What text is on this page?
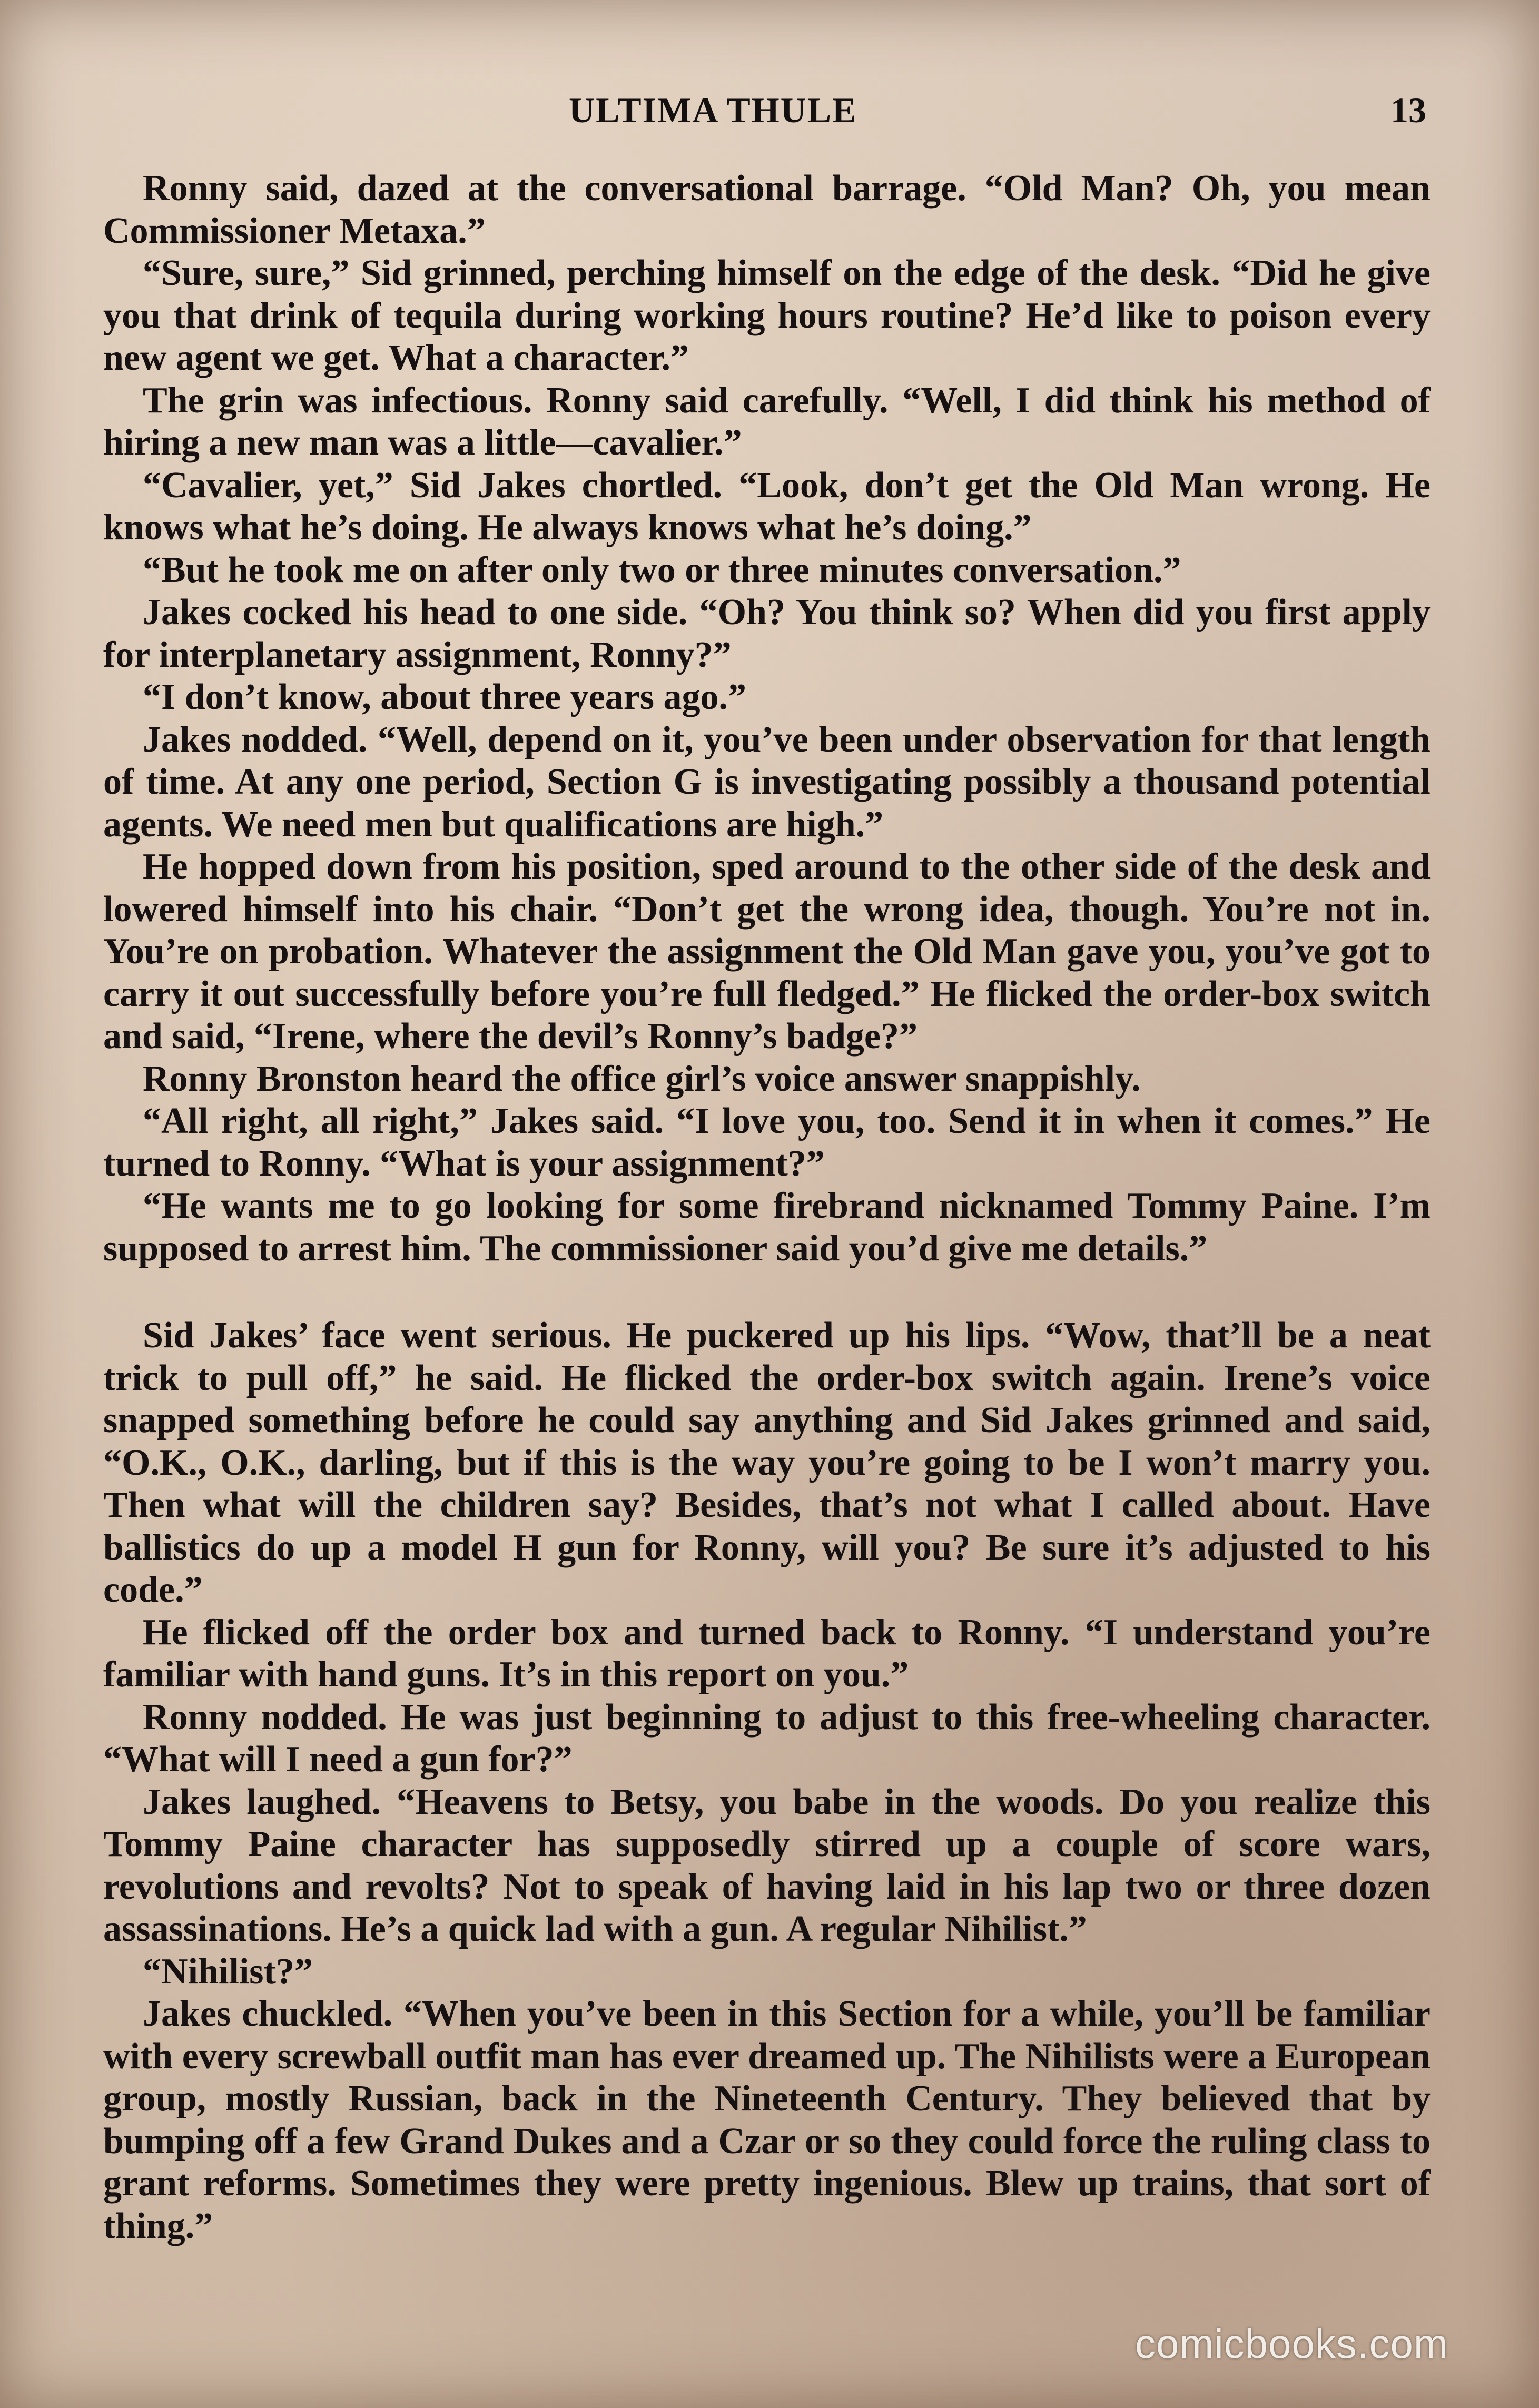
ULTIMA THULE	13

Ronny said, dazed at the conversational barrage. “Old Man? Oh, you mean Commissioner Metaxa.”

“Sure, sure,” Sid grinned, perching himself on the edge of the desk. “Did he give you that drink of tequila during working hours routine? He’d like to poison every new agent we get. What a character.”

The grin was infectious. Ronny said carefully. “Well, I did think his method of hiring a new man was a little—cavalier.”

“Cavalier, yet,” Sid Jakes chortled. “Look, don’t get the Old Man wrong. He knows what he’s doing. He always knows what he’s doing.”

“But he took me on after only two or three minutes conversation.”

Jakes cocked his head to one side. “Oh? You think so? When did you first apply for interplanetary assignment, Ronny?”

“I don’t know, about three years ago.”

Jakes nodded. “Well, depend on it, you’ve been under observation for that length of time. At any one period, Section G is investigating possibly a thousand potential agents. We need men but qualifications are high.”

He hopped down from his position, sped around to the other side of the desk and lowered himself into his chair. “Don’t get the wrong idea, though. You’re not in. You’re on probation. Whatever the assignment the Old Man gave you, you’ve got to carry it out successfully before you’re full fledged.” He flicked the order-box switch and said, “Irene, where the devil’s Ronny’s badge?”

Ronny Bronston heard the office girl’s voice answer snappishly.

“All right, all right,” Jakes said. “I love you, too. Send it in when it comes.” He turned to Ronny. “What is your assignment?”

“He wants me to go looking for some firebrand nicknamed Tommy Paine. I’m supposed to arrest him. The commissioner said you’d give me details.”

Sid Jakes’ face went serious. He puckered up his lips. “Wow, that’ll be a neat trick to pull off,” he said. He flicked the order-box switch again. Irene’s voice snapped something before he could say anything and Sid Jakes grinned and said, “O.K., O.K., darling, but if this is the way you’re going to be I won’t marry you. Then what will the children say? Besides, that’s not what I called about. Have ballistics do up a model H gun for Ronny, will you? Be sure it’s adjusted to his code.”

He flicked off the order box and turned back to Ronny. “I understand you’re familiar with hand guns. It’s in this report on you.”

Ronny nodded. He was just beginning to adjust to this free-wheeling character. “What will I need a gun for?”

Jakes laughed. “Heavens to Betsy, you babe in the woods. Do you realize this Tommy Paine character has supposedly stirred up a couple of score wars, revolutions and revolts? Not to speak of having laid in his lap two or three dozen assassinations. He’s a quick lad with a gun. A regular Nihilist.”

“Nihilist?”

Jakes chuckled. “When you’ve been in this Section for a while, you’ll be familiar with every screwball outfit man has ever dreamed up. The Nihilists were a European group, mostly Russian, back in the Nineteenth Century. They believed that by bumping off a few Grand Dukes and a Czar or so they could force the ruling class to grant reforms. Sometimes they were pretty ingenious. Blew up trains, that sort of thing.”

comicbooks.com
